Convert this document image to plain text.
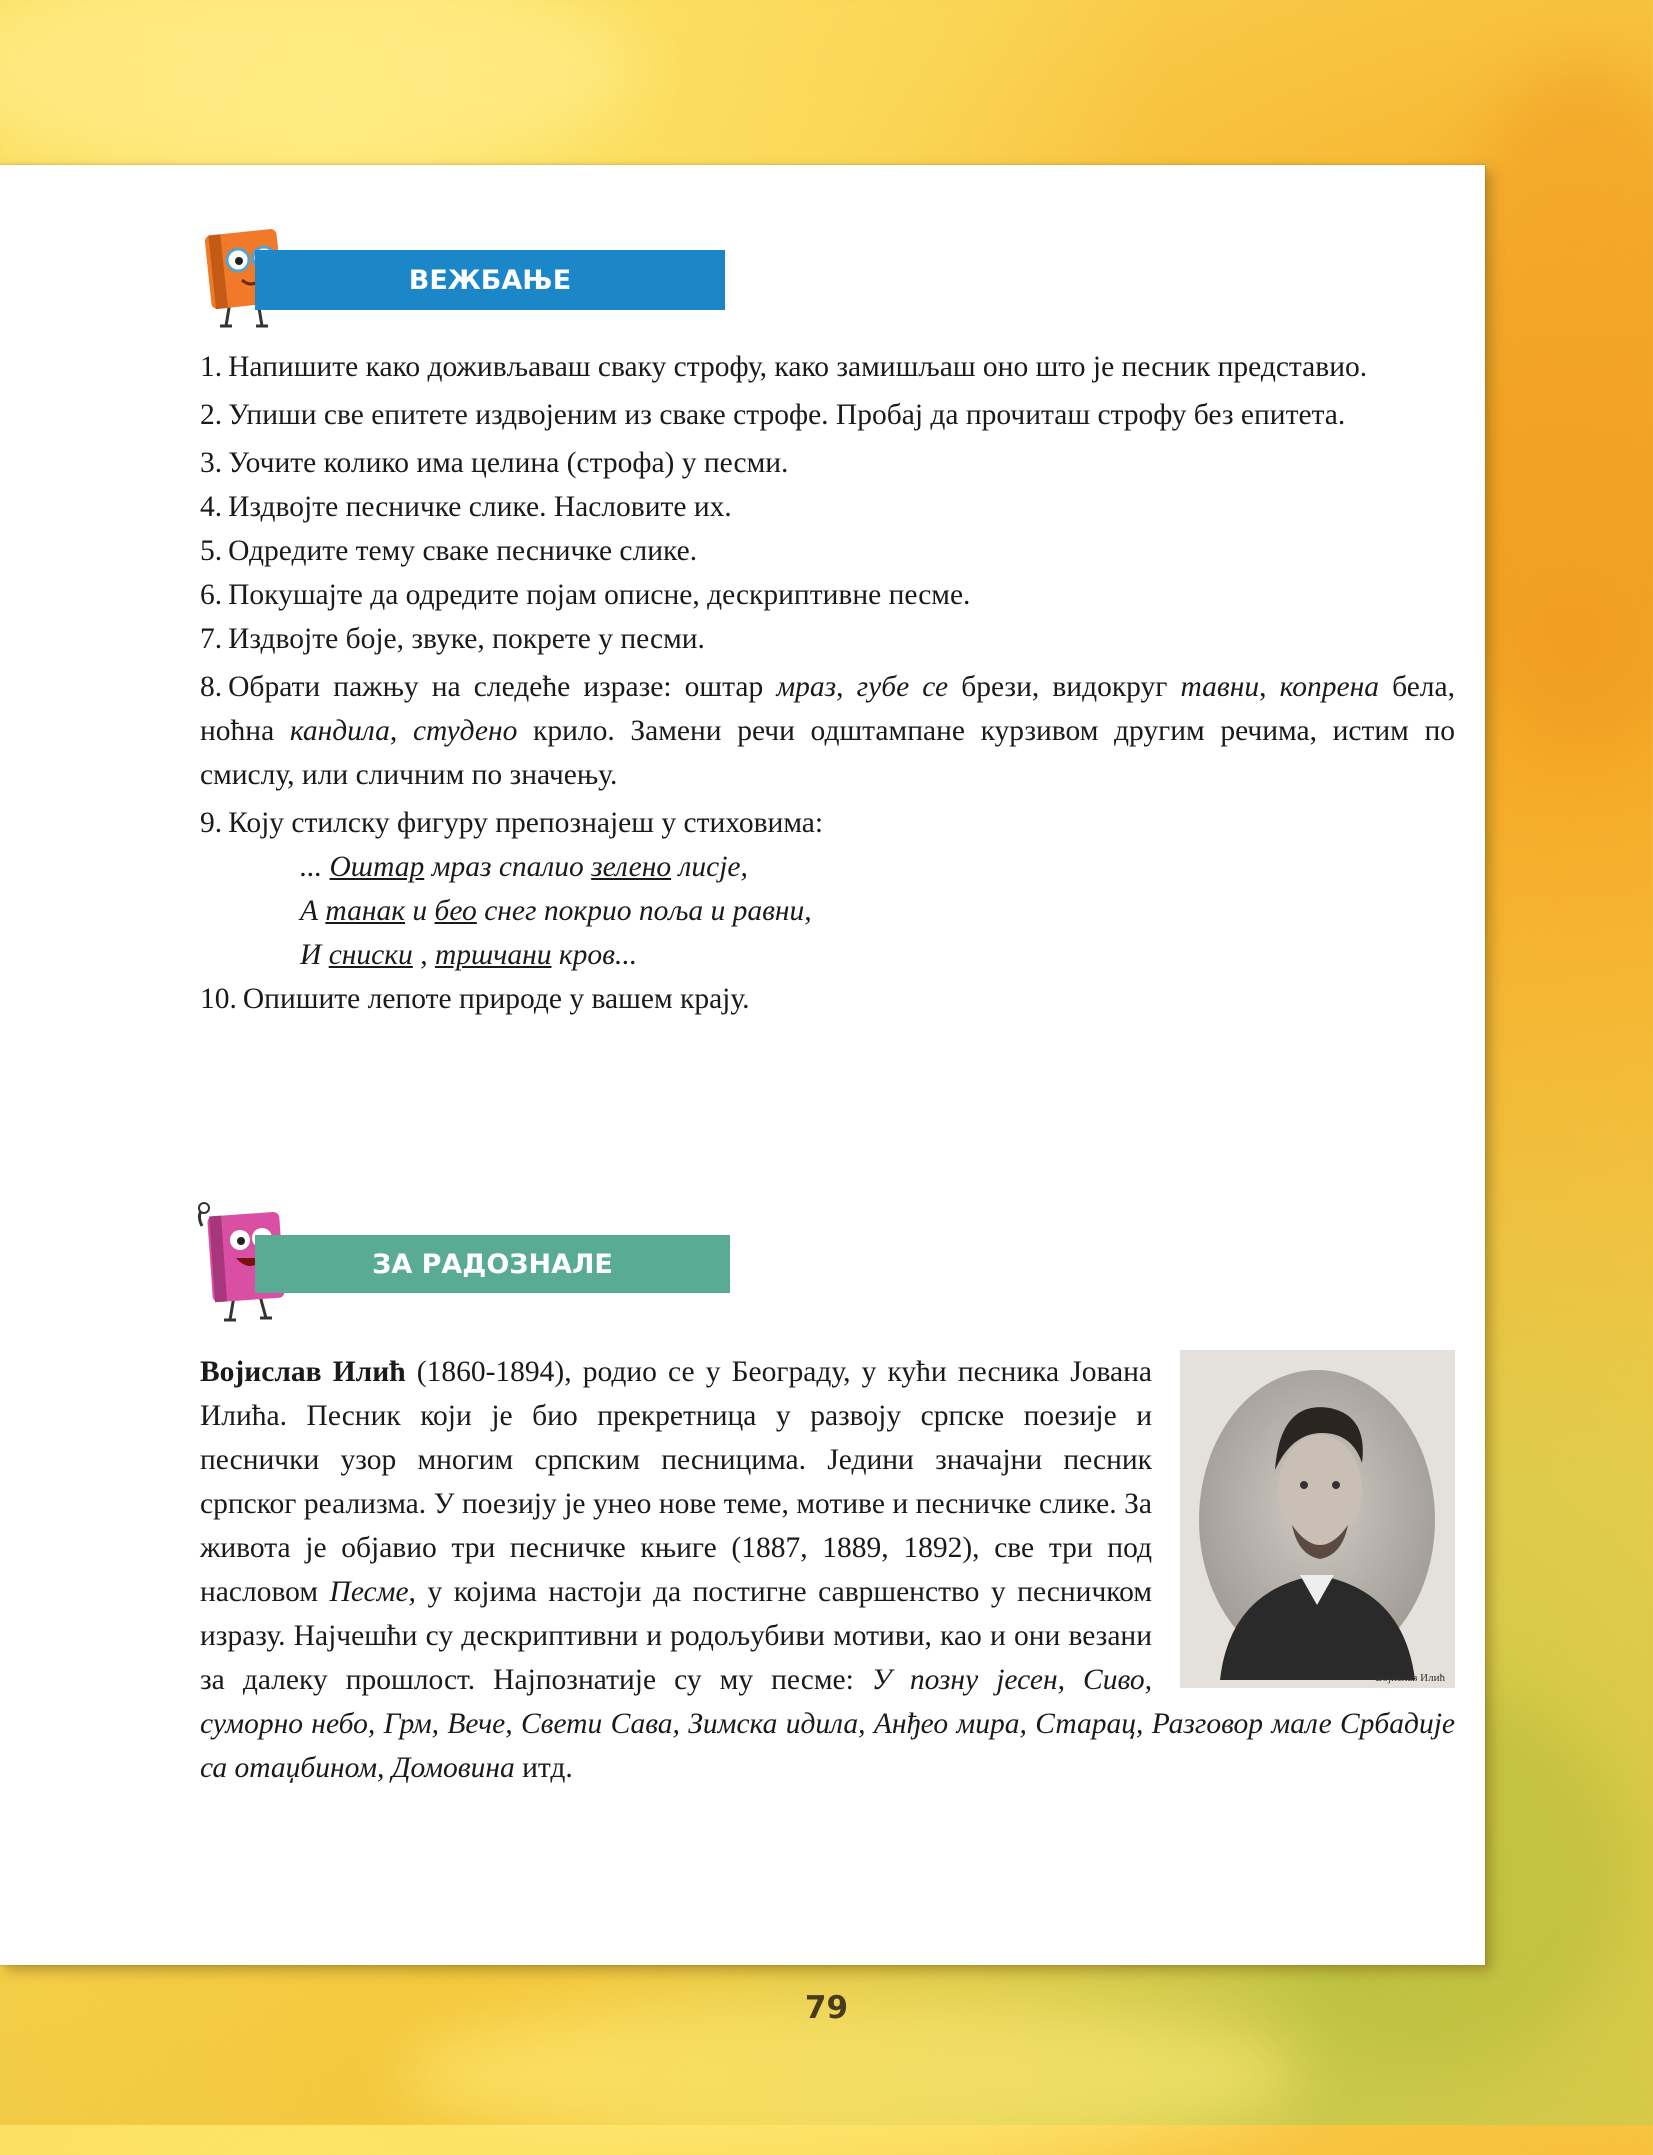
ВЕЖБАЊЕ
1. Напишите како доживљаваш сваку строфу, како замишљаш оно што је песник представио.
2. Упиши све епитете издвојеним из сваке строфе. Пробај да прочиташ строфу без епитета.
3. Уочите колико има целина (строфа) у песми.
4. Издвојте песничке слике. Насловите их.
5. Одредите тему сваке песничке слике.
6. Покушајте да одредите појам описне, дескриптивне песме.
7. Издвојте боје, звуке, покрете у песми.
8. Обрати пажњу на следеће изразе: оштар мраз, губе се брези, видокруг тавни, копрена бела, ноћна кандила, студено крило. Замени речи одштампане курзивом другим речима, истим по смислу, или сличним по значењу.
9. Коју стилску фигуру препознајеш у стиховима:
... Оштар мраз спалио зелено лисје,
А танак и бео снег покрио поља и равни,
И сниски , тршчани кров...
10. Опишите лепоте природе у вашем крају.
ЗА РАДОЗНАЛЕ
Војислав Илић
Војислав Илић (1860-1894), родио се у Београду, у кући песника Јована Илића. Песник који је био прекретница у развоју српске поезије и песнички узор многим српским песницима. Једини значајни песник српског реализма. У поезију је унео нове теме, мотиве и песничке слике. За живота је објавио три песничке књиге (1887, 1889, 1892), све три под насловом Песме, у којима настоји да постигне савршенство у песничком изразу. Најчешћи су дескриптивни и родољубиви мотиви, као и они везани за далеку прошлост. Најпознатије су му песме: У позну јесен, Сиво, суморно небо, Грм, Вече, Свети Сава, Зимска идила, Анђео мира, Старац, Разговор мале Србадије са отаџбином, Домовина итд.
79
